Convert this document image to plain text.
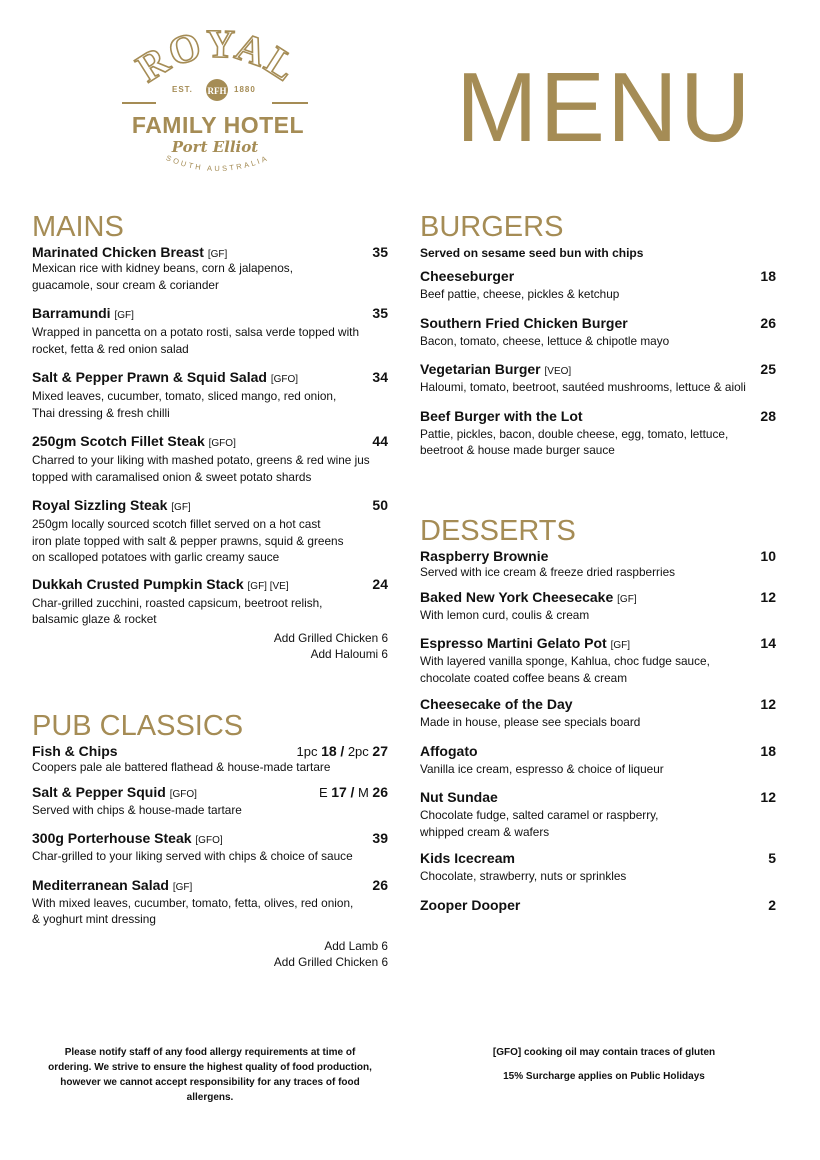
ROYAL
RFH
EST.	1880
FAMILY HOTEL
Port Elliot
SOUTH AUSTRALIA MENU
MAINS
Marinated Chicken Breast [GF]	35
Mexican rice with kidney beans, corn & jalapenos,
guacamole, sour cream & coriander
Barramundi [GF]	35
Wrapped in pancetta on a potato rosti, salsa verde topped with
rocket, fetta & red onion salad
Salt & Pepper Prawn & Squid Salad [GFO]	34
Mixed leaves, cucumber, tomato, sliced mango, red onion,
Thai dressing & fresh chilli
250gm Scotch Fillet Steak [GFO]	44
Charred to your liking with mashed potato, greens & red wine jus
topped with caramalised onion & sweet potato shards
Royal Sizzling Steak [GF]	50
250gm locally sourced scotch fillet served on a hot cast
iron plate topped with salt & pepper prawns, squid & greens
on scalloped potatoes with garlic creamy sauce
Dukkah Crusted Pumpkin Stack [GF] [VE]	24
Char-grilled zucchini, roasted capsicum, beetroot relish,
balsamic glaze & rocket
Add Grilled Chicken 6
Add Haloumi 6
PUB CLASSICS
Fish & Chips	1pc 18 / 2pc 27
Coopers pale ale battered flathead & house-made tartare
Salt & Pepper Squid [GFO]	E 17 / M 26
Served with chips & house-made tartare
300g Porterhouse Steak [GFO]	39
Char-grilled to your liking served with chips & choice of sauce
Mediterranean Salad [GF]	26
With mixed leaves, cucumber, tomato, fetta, olives, red onion,
& yoghurt mint dressing
Add Lamb 6
Add Grilled Chicken 6
BURGERS
Served on sesame seed bun with chips
Cheeseburger	18
Beef pattie, cheese, pickles & ketchup
Southern Fried Chicken Burger	26
Bacon, tomato, cheese, lettuce & chipotle mayo
Vegetarian Burger [VEO]	25
Haloumi, tomato, beetroot, sautéed mushrooms, lettuce & aioli
Beef Burger with the Lot	28
Pattie, pickles, bacon, double cheese, egg, tomato, lettuce,
beetroot & house made burger sauce
DESSERTS
Raspberry Brownie	10
Served with ice cream & freeze dried raspberries
Baked New York Cheesecake [GF]	12
With lemon curd, coulis & cream
Espresso Martini Gelato Pot [GF]	14
With layered vanilla sponge, Kahlua, choc fudge sauce,
chocolate coated coffee beans & cream
Cheesecake of the Day	12
Made in house, please see specials board
Affogato	18
Vanilla ice cream, espresso & choice of liqueur
Nut Sundae	12
Chocolate fudge, salted caramel or raspberry,
whipped cream & wafers
Kids Icecream	5
Chocolate, strawberry, nuts or sprinkles
Zooper Dooper	2
Please notify staff of any food allergy requirements at time of
ordering. We strive to ensure the highest quality of food production,
however we cannot accept responsibility for any traces of food
allergens.
[GFO] cooking oil may contain traces of gluten
15% Surcharge applies on Public Holidays
